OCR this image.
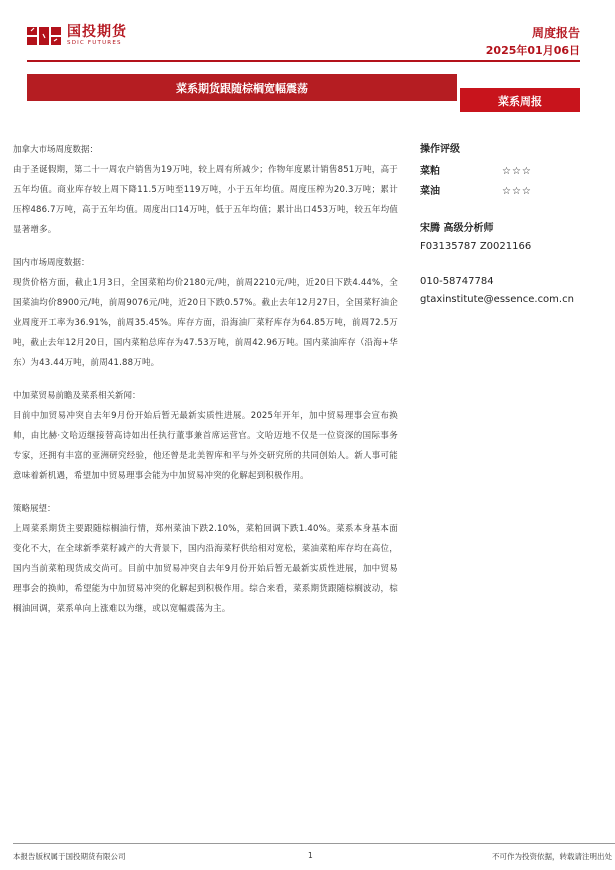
国投期货
SDIC FUTURES
周度报告
2025年01月06日
菜系期货跟随棕榈宽幅震荡
菜系周报
加拿大市场周度数据：
由于圣诞假期，第二十一周农户销售为19万吨，较上周有所减少；作物年度累计销售851万吨，高于五年均值。商业库存较上周下降11.5万吨至119万吨，小于五年均值。周度压榨为20.3万吨；累计压榨486.7万吨，高于五年均值。周度出口14万吨，低于五年均值；累计出口453万吨，较五年均值显著增多。
国内市场周度数据：
现货价格方面，截止1月3日，全国菜粕均价2180元/吨，前周2210元/吨，近20日下跌4.44%，全国菜油均价8900元/吨，前周9076元/吨，近20日下跌0.57%。截止去年12月27日，全国菜籽油企业周度开工率为36.91%，前周35.45%。库存方面，沿海油厂菜籽库存为64.85万吨，前周72.5万吨，截止去年12月20日，国内菜粕总库存为47.53万吨，前周42.96万吨。国内菜油库存（沿海+华东）为43.44万吨，前周41.88万吨。
中加菜贸易前瞻及菜系相关新闻：
目前中加贸易冲突自去年9月份开始后暂无最新实质性进展。2025年开年，加中贸易理事会宣布换帅，由比赫·文哈迈继接替高诗如出任执行董事兼首席运营官。文哈迈地不仅是一位资深的国际事务专家，还拥有丰富的亚洲研究经验，他还曾是北美智库和平与外交研究所的共同创始人。新人事可能意味着新机遇，希望加中贸易理事会能为中加贸易冲突的化解起到积极作用。
策略展望：
上周菜系期货主要跟随棕榈油行情，郑州菜油下跌2.10%，菜粕回调下跌1.40%。菜系本身基本面变化不大，在全球新季菜籽减产的大背景下，国内沿海菜籽供给相对宽松，菜油菜粕库存均在高位，国内当前菜粕现货成交尚可。目前中加贸易冲突自去年9月份开始后暂无最新实质性进展，加中贸易理事会的换帅，希望能为中加贸易冲突的化解起到积极作用。综合来看，菜系期货跟随棕榈波动，棕榈油回调，菜系单向上涨难以为继，或以宽幅震荡为主。
操作评级
菜粕	☆☆☆
菜油	☆☆☆
宋腾 高级分析师
F03135787 Z0021166
010-58747784
gtaxinstitute@essence.com.cn
本报告版权属于国投期货有限公司	1	不可作为投资依据，转载请注明出处
